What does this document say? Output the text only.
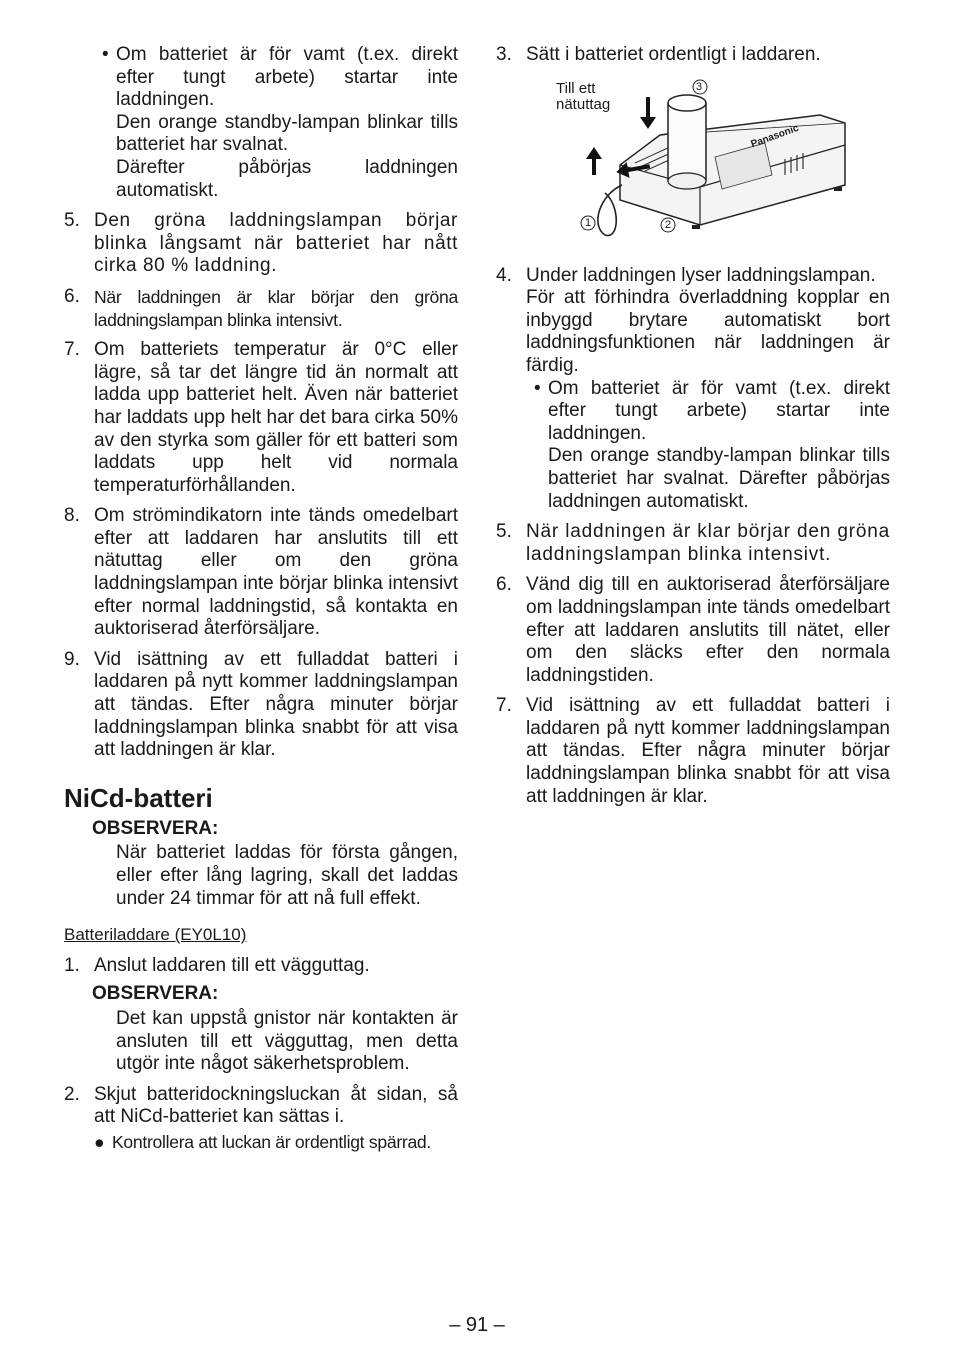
• Om batteriet är för vamt (t.ex. direkt efter tungt arbete) startar inte laddningen.
Den orange standby-lampan blinkar tills batteriet har svalnat.
Därefter påbörjas laddningen automatiskt.
5. Den gröna laddningslampan börjar blinka långsamt när batteriet har nått cirka 80 % laddning.
6. När laddningen är klar börjar den gröna laddningslampan blinka intensivt.
7. Om batteriets temperatur är 0°C eller lägre, så tar det längre tid än normalt att ladda upp batteriet helt. Även när batteriet har laddats upp helt har det bara cirka 50% av den styrka som gäller för ett batteri som laddats upp helt vid normala temperaturförhållanden.
8. Om strömindikatorn inte tänds omedelbart efter att laddaren har anslutits till ett nätuttag eller om den gröna laddningslampan inte börjar blinka intensivt efter normal laddningstid, så kontakta en auktoriserad återförsäljare.
9. Vid isättning av ett fulladdat batteri i laddaren på nytt kommer laddningslampan att tändas. Efter några minuter börjar laddningslampan blinka snabbt för att visa att laddningen är klar.
NiCd-batteri
OBSERVERA:
När batteriet laddas för första gången, eller efter lång lagring, skall det laddas under 24 timmar för att nå full effekt.
Batteriladdare (EY0L10)
1. Anslut laddaren till ett vägguttag.
OBSERVERA:
Det kan uppstå gnistor när kontakten är ansluten till ett vägguttag, men detta utgör inte något säkerhetsproblem.
2. Skjut batteridockningsluckan åt sidan, så att NiCd-batteriet kan sättas i.
● Kontrollera att luckan är ordentligt spärrad.
3. Sätt i batteriet ordentligt i laddaren.
Till ett nätuttag
Panasonic
3
1	2
4. Under laddningen lyser laddningslampan.
För att förhindra överladdning kopplar en inbyggd brytare automatiskt bort laddningsfunktionen när laddningen är färdig.
• Om batteriet är för vamt (t.ex. direkt efter tungt arbete) startar inte laddningen.
Den orange standby-lampan blinkar tills batteriet har svalnat. Därefter påbörjas laddningen automatiskt.
5. När laddningen är klar börjar den gröna laddningslampan blinka intensivt.
6. Vänd dig till en auktoriserad återförsäljare om laddningslampan inte tänds omedelbart efter att laddaren anslutits till nätet, eller om den släcks efter den normala laddningstiden.
7. Vid isättning av ett fulladdat batteri i laddaren på nytt kommer laddningslampan att tändas. Efter några minuter börjar laddningslampan blinka snabbt för att visa att laddningen är klar.
– 91 –
